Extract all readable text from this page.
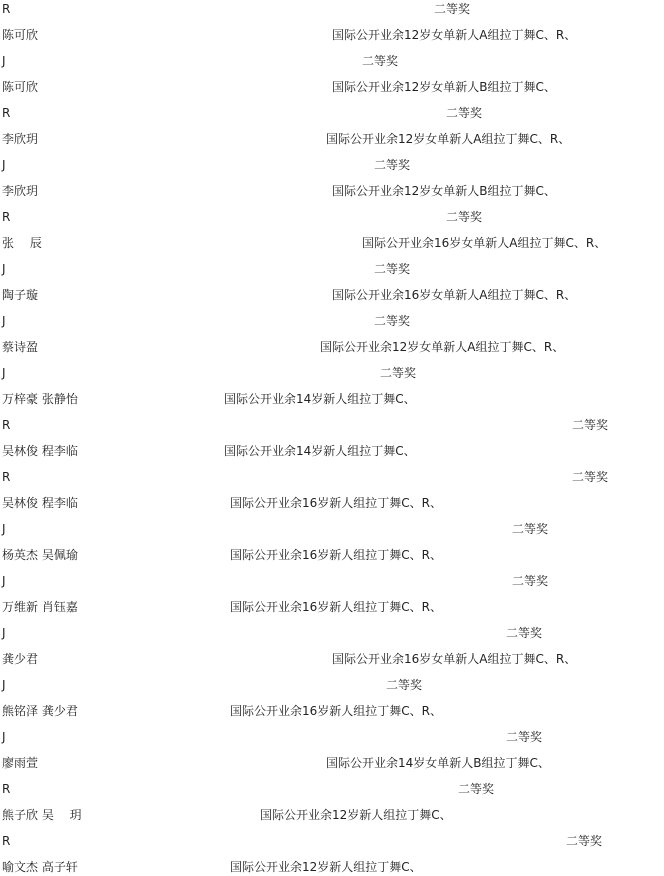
R	二等奖
陈可欣	国际公开业余12岁女单新人A组拉丁舞C、R、
J	二等奖
陈可欣	国际公开业余12岁女单新人B组拉丁舞C、
R	二等奖
李欣玥	国际公开业余12岁女单新人A组拉丁舞C、R、
J	二等奖
李欣玥	国际公开业余12岁女单新人B组拉丁舞C、
R	二等奖
张　 辰	国际公开业余16岁女单新人A组拉丁舞C、R、
J	二等奖
陶子璇	国际公开业余16岁女单新人A组拉丁舞C、R、
J	二等奖
蔡诗盈	国际公开业余12岁女单新人A组拉丁舞C、R、
J	二等奖
万梓豪 张静怡	国际公开业余14岁新人组拉丁舞C、
R	二等奖
吴林俊 程李临	国际公开业余14岁新人组拉丁舞C、
R	二等奖
吴林俊 程李临	国际公开业余16岁新人组拉丁舞C、R、
J	二等奖
杨英杰 吴佩瑜	国际公开业余16岁新人组拉丁舞C、R、
J	二等奖
万维新 肖钰嘉	国际公开业余16岁新人组拉丁舞C、R、
J	二等奖
龚少君	国际公开业余16岁女单新人A组拉丁舞C、R、
J	二等奖
熊铭泽 龚少君	国际公开业余16岁新人组拉丁舞C、R、
J	二等奖
廖雨萱	国际公开业余14岁女单新人B组拉丁舞C、
R	二等奖
熊子欣 吴　 玥	国际公开业余12岁新人组拉丁舞C、
R	二等奖
喻文杰 高子轩	国际公开业余12岁新人组拉丁舞C、
